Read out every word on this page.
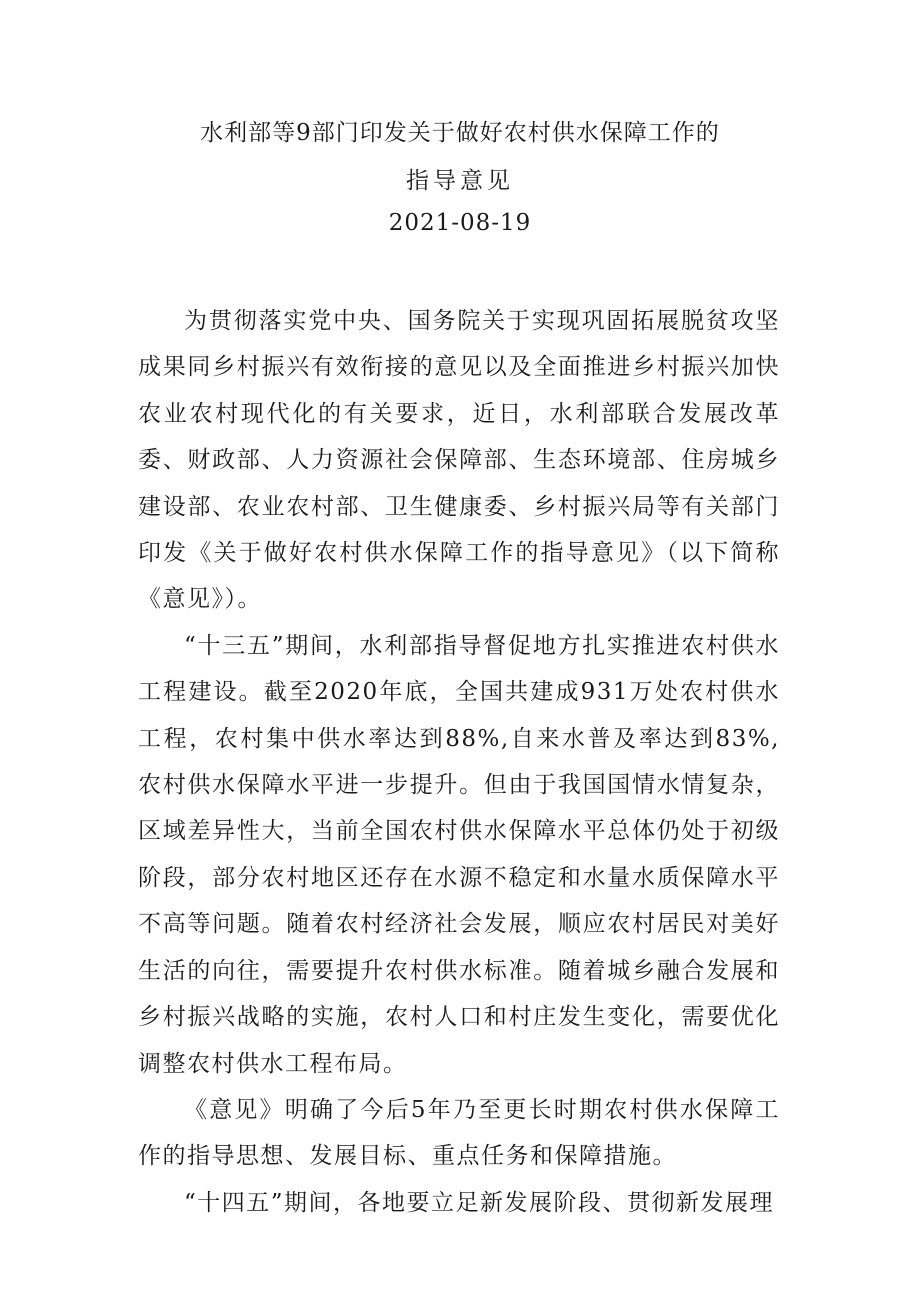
水利部等9部门印发关于做好农村供水保障工作的
指导意见
2021-08-19

为贯彻落实党中央、国务院关于实现巩固拓展脱贫攻坚成果同乡村振兴有效衔接的意见以及全面推进乡村振兴加快农业农村现代化的有关要求，近日，水利部联合发展改革委、财政部、人力资源社会保障部、生态环境部、住房城乡建设部、农业农村部、卫生健康委、乡村振兴局等有关部门印发《关于做好农村供水保障工作的指导意见》（以下简称《意见》）。

“十三五”期间，水利部指导督促地方扎实推进农村供水工程建设。截至2020年底，全国共建成931万处农村供水工程，农村集中供水率达到88%,自来水普及率达到83%,农村供水保障水平进一步提升。但由于我国国情水情复杂，区域差异性大，当前全国农村供水保障水平总体仍处于初级阶段，部分农村地区还存在水源不稳定和水量水质保障水平不高等问题。随着农村经济社会发展，顺应农村居民对美好生活的向往，需要提升农村供水标准。随着城乡融合发展和乡村振兴战略的实施，农村人口和村庄发生变化，需要优化调整农村供水工程布局。

《意见》明确了今后5年乃至更长时期农村供水保障工作的指导思想、发展目标、重点任务和保障措施。

“十四五”期间，各地要立足新发展阶段、贯彻新发展理
